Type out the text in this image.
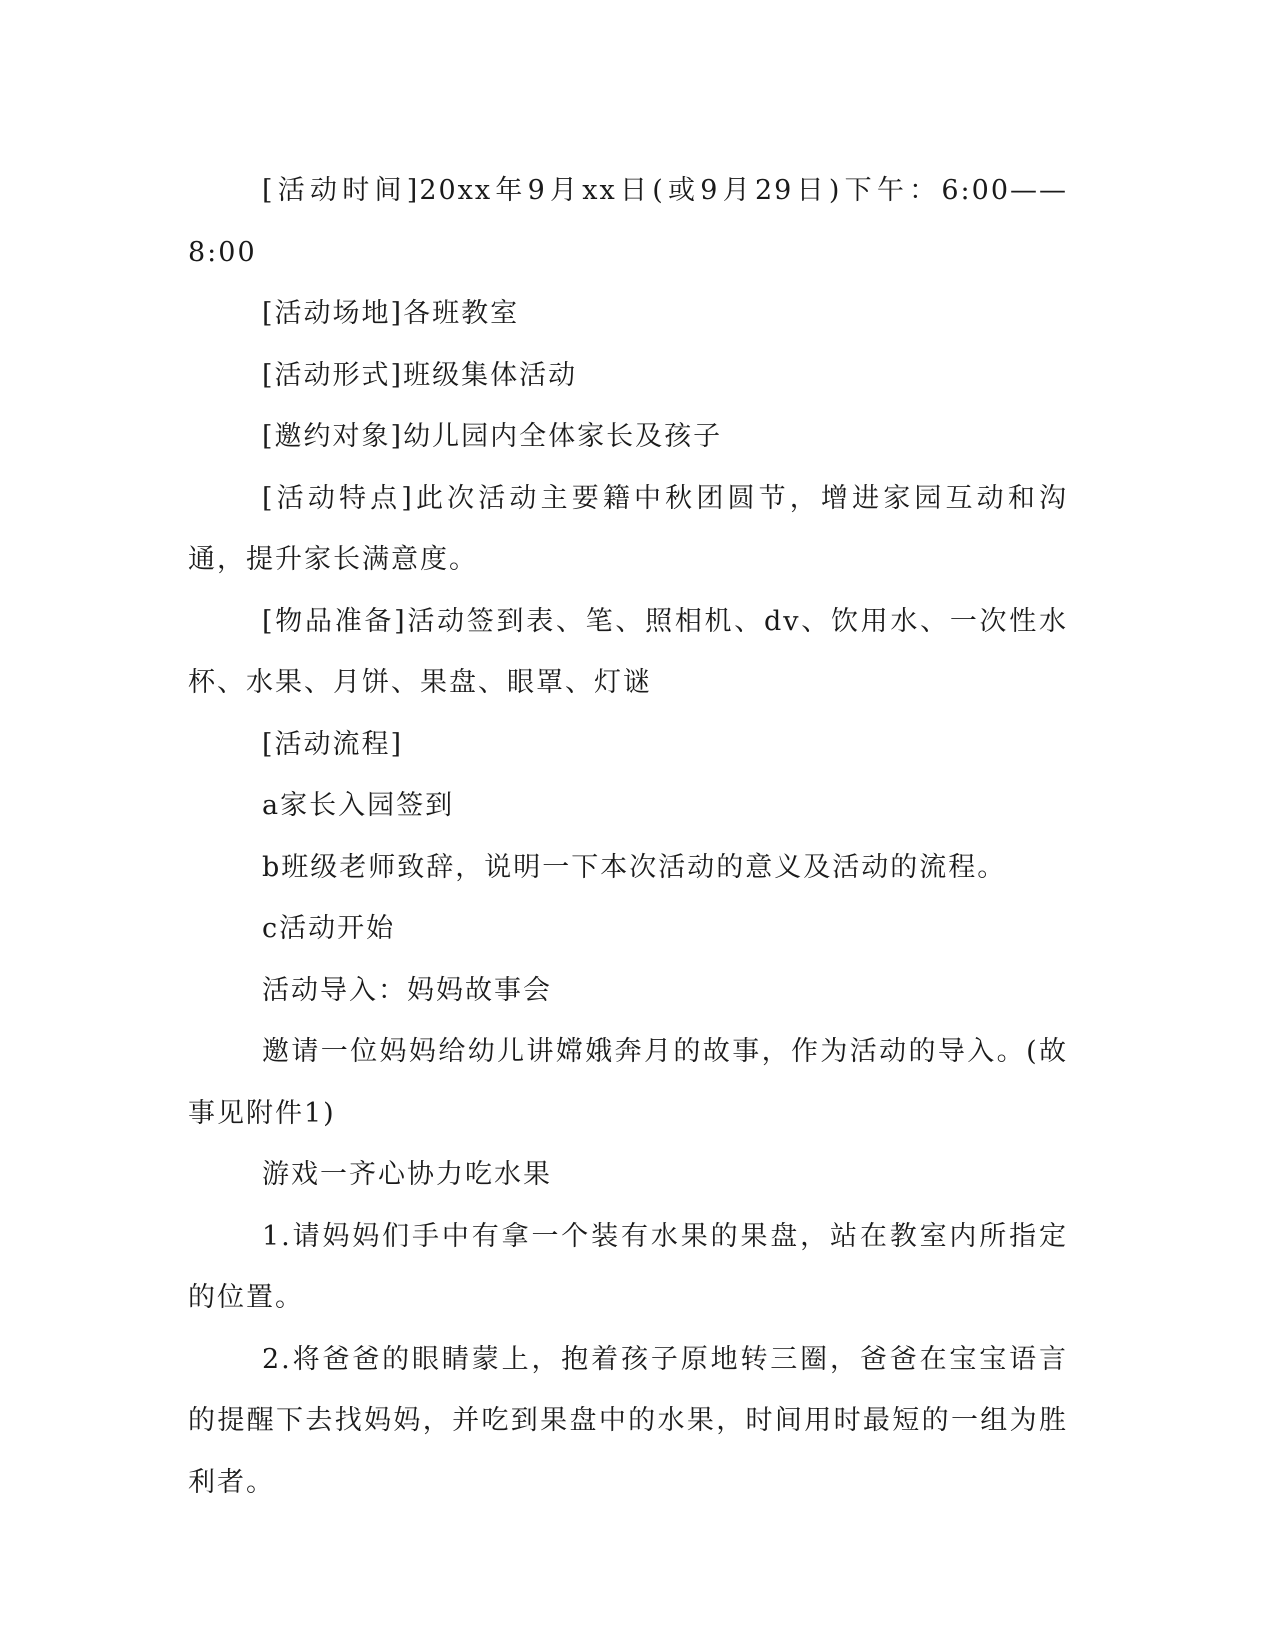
[活动时间]20xx年9月xx日(或9月29日)下午：6:00——8:00

[活动场地]各班教室

[活动形式]班级集体活动

[邀约对象]幼儿园内全体家长及孩子

[活动特点]此次活动主要籍中秋团圆节，增进家园互动和沟通，提升家长满意度。

[物品准备]活动签到表、笔、照相机、dv、饮用水、一次性水杯、水果、月饼、果盘、眼罩、灯谜

[活动流程]

a家长入园签到

b班级老师致辞，说明一下本次活动的意义及活动的流程。

c活动开始

活动导入：妈妈故事会

邀请一位妈妈给幼儿讲嫦娥奔月的故事，作为活动的导入。(故事见附件1)

游戏一齐心协力吃水果

1.请妈妈们手中有拿一个装有水果的果盘，站在教室内所指定的位置。

2.将爸爸的眼睛蒙上，抱着孩子原地转三圈，爸爸在宝宝语言的提醒下去找妈妈，并吃到果盘中的水果，时间用时最短的一组为胜利者。
